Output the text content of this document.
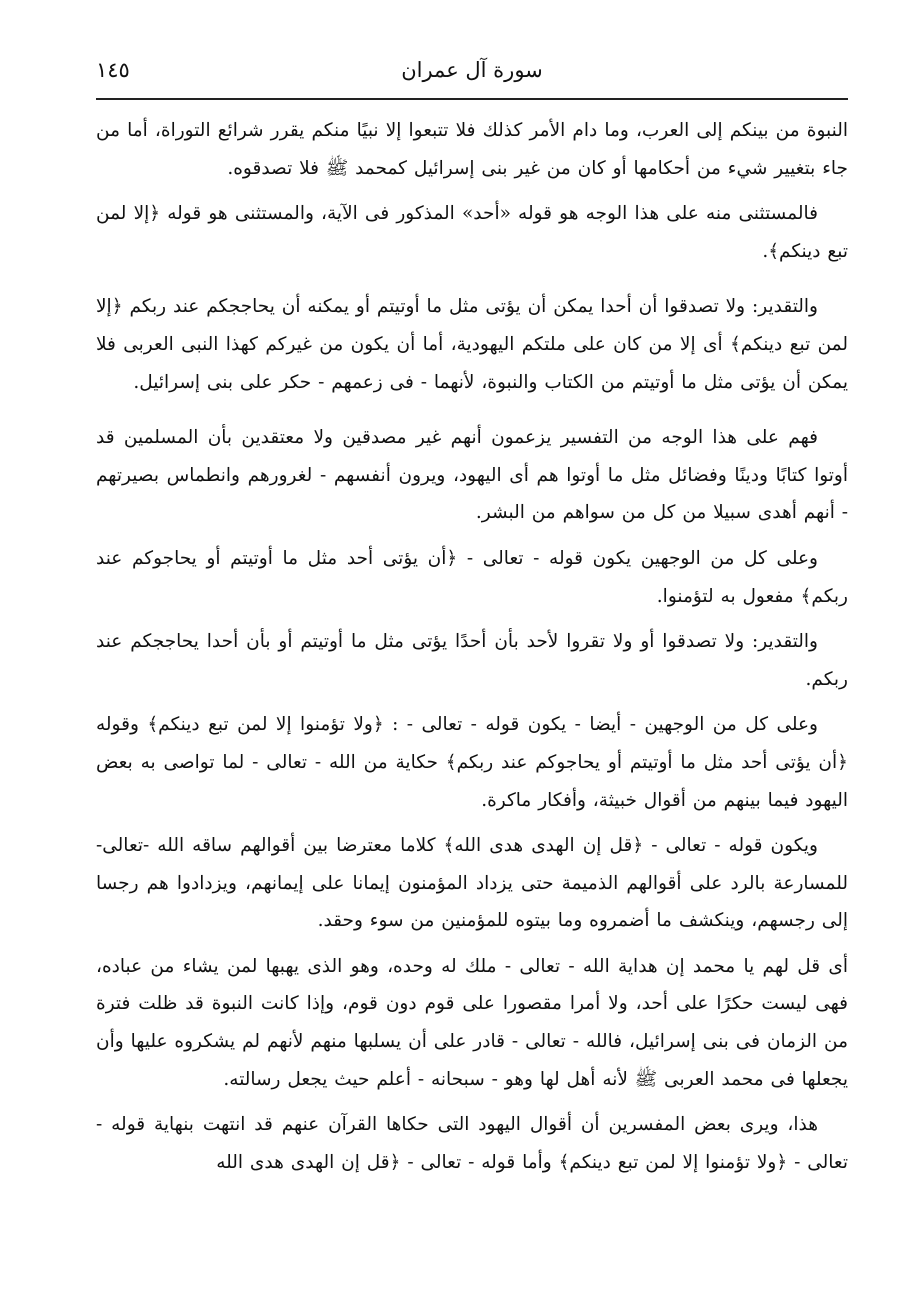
سورة آل عمران
١٤٥

النبوة من بينكم إلى العرب، وما دام الأمر كذلك فلا تتبعوا إلا نبيًا منكم يقرر شرائع التوراة، أما من جاء بتغيير شيء من أحكامها أو كان من غير بنى إسرائيل كمحمد ﷺ فلا تصدقوه.

فالمستثنى منه على هذا الوجه هو قوله «أحد» المذكور فى الآية، والمستثنى هو قوله ﴿إلا لمن تبع دينكم﴾.

والتقدير: ولا تصدقوا أن أحدا يمكن أن يؤتى مثل ما أوتيتم أو يمكنه أن يحاججكم عند ربكم ﴿إلا لمن تبع دينكم﴾ أى إلا من كان على ملتكم اليهودية، أما أن يكون من غيركم كهذا النبى العربى فلا يمكن أن يؤتى مثل ما أوتيتم من الكتاب والنبوة، لأنهما - فى زعمهم - حكر على بنى إسرائيل.

فهم على هذا الوجه من التفسير يزعمون أنهم غير مصدقين ولا معتقدين بأن المسلمين قد أوتوا كتابًا ودينًا وفضائل مثل ما أوتوا هم أى اليهود، ويرون أنفسهم - لغرورهم وانطماس بصيرتهم - أنهم أهدى سبيلا من كل من سواهم من البشر.

وعلى كل من الوجهين يكون قوله - تعالى - ﴿أن يؤتى أحد مثل ما أوتيتم أو يحاجوكم عند ربكم﴾ مفعول به لتؤمنوا.

والتقدير: ولا تصدقوا أو ولا تقروا لأحد بأن أحدًا يؤتى مثل ما أوتيتم أو بأن أحدا يحاججكم عند ربكم.

وعلى كل من الوجهين - أيضا - يكون قوله - تعالى - : ﴿ولا تؤمنوا إلا لمن تبع دينكم﴾ وقوله ﴿أن يؤتى أحد مثل ما أوتيتم أو يحاجوكم عند ربكم﴾ حكاية من الله - تعالى - لما تواصى به بعض اليهود فيما بينهم من أقوال خبيثة، وأفكار ماكرة.

ويكون قوله - تعالى - ﴿قل إن الهدى هدى الله﴾ كلاما معترضا بين أقوالهم ساقه الله -تعالى- للمسارعة بالرد على أقوالهم الذميمة حتى يزداد المؤمنون إيمانا على إيمانهم، ويزدادوا هم رجسا إلى رجسهم، وينكشف ما أضمروه وما بيتوه للمؤمنين من سوء وحقد.

أى قل لهم يا محمد إن هداية الله - تعالى - ملك له وحده، وهو الذى يهبها لمن يشاء من عباده، فهى ليست حكرًا على أحد، ولا أمرا مقصورا على قوم دون قوم، وإذا كانت النبوة قد ظلت فترة من الزمان فى بنى إسرائيل، فالله - تعالى - قادر على أن يسلبها منهم لأنهم لم يشكروه عليها وأن يجعلها فى محمد العربى ﷺ لأنه أهل لها وهو - سبحانه - أعلم حيث يجعل رسالته.

هذا، ويرى بعض المفسرين أن أقوال اليهود التى حكاها القرآن عنهم قد انتهت بنهاية قوله - تعالى - ﴿ولا تؤمنوا إلا لمن تبع دينكم﴾ وأما قوله - تعالى - ﴿قل إن الهدى هدى الله
